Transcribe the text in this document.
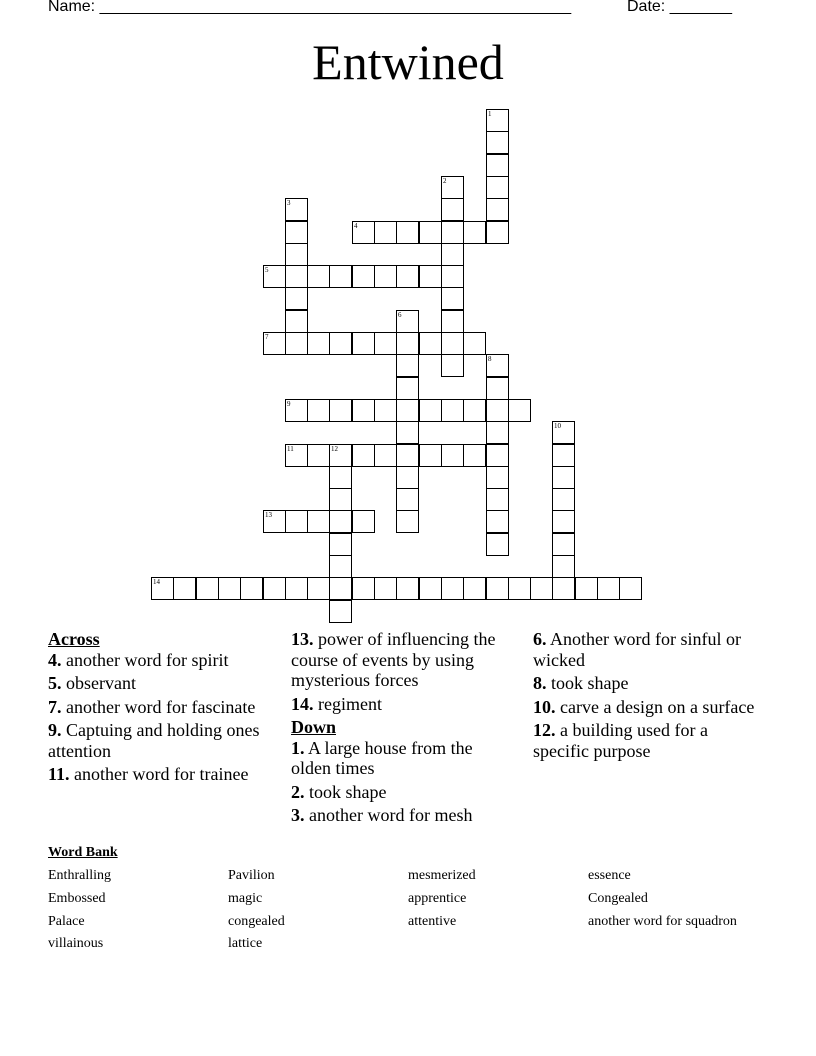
Name: _____________________________________________________	Date: _______
Entwined
1
2
3
4
5
6
7
8
9
10
11	12
13
14
Across
4. another word for spirit
5. observant
7. another word for fascinate
9. Captuing and holding ones attention
11. another word for trainee
13. power of influencing the course of events by using mysterious forces
14. regiment
Down
1. A large house from the olden times
2. took shape
3. another word for mesh
6. Another word for sinful or wicked
8. took shape
10. carve a design on a surface
12. a building used for a specific purpose
Word Bank
Enthralling	Pavilion	mesmerized	essence
Embossed	magic	apprentice	Congealed
Palace	congealed	attentive	another word for squadron
villainous	lattice
